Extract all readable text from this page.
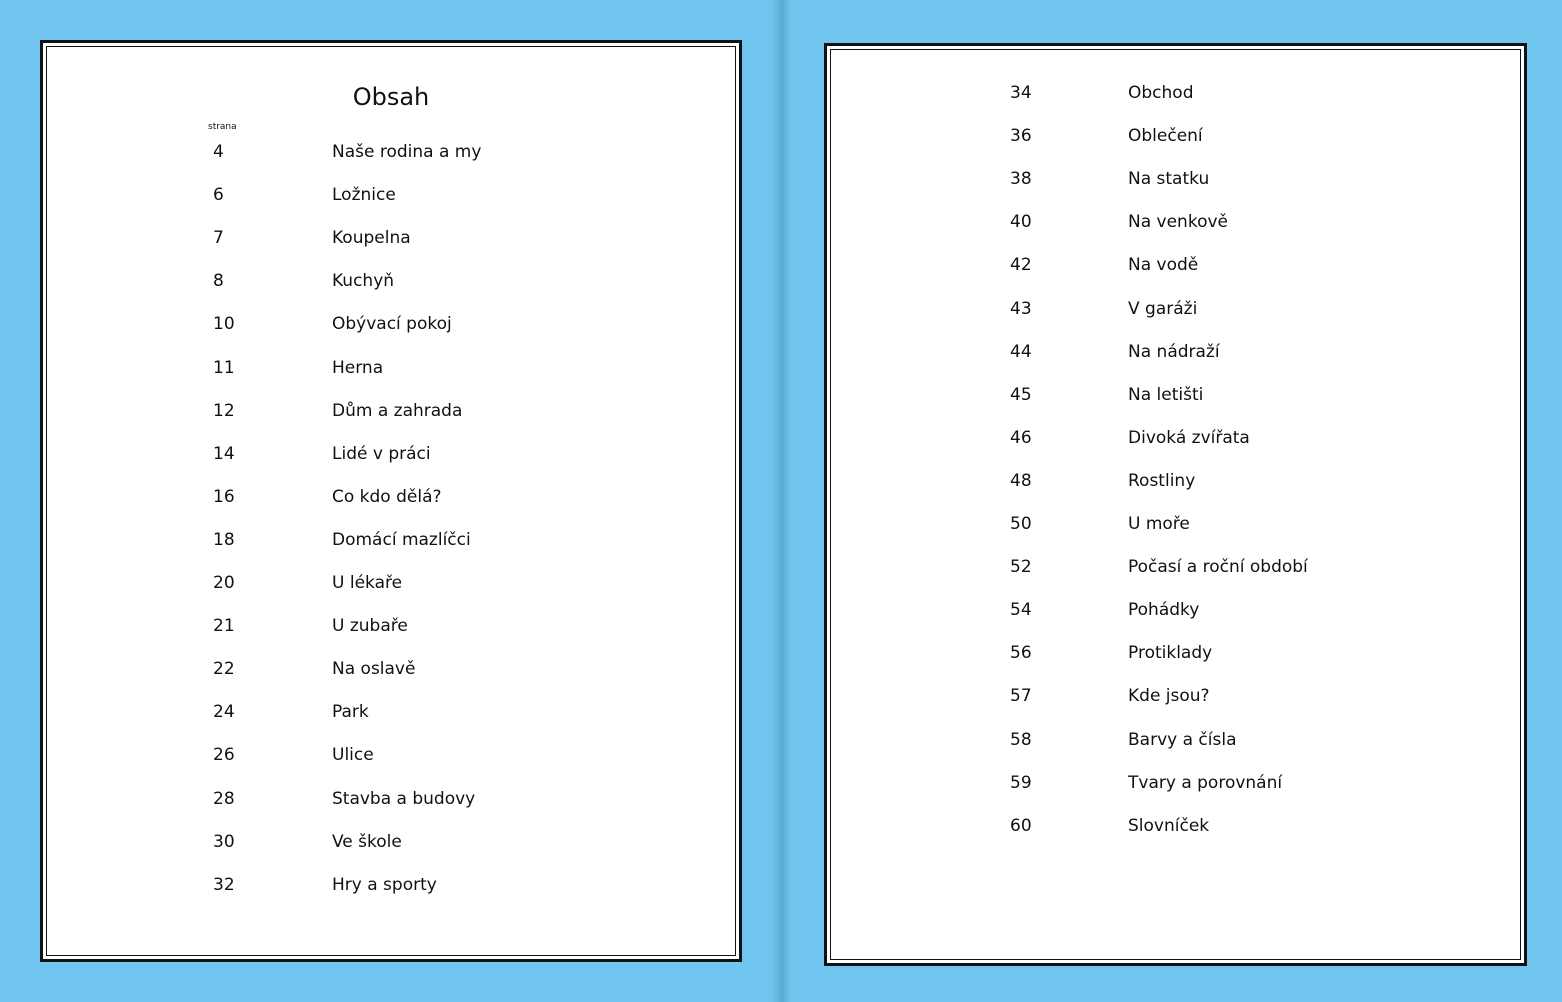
Obsah
strana
4	Naše rodina a my
6	Ložnice
7	Koupelna
8	Kuchyň
10	Obývací pokoj
11	Herna
12	Dům a zahrada
14	Lidé v práci
16	Co kdo dělá?
18	Domácí mazlíčci
20	U lékaře
21	U zubaře
22	Na oslavě
24	Park
26	Ulice
28	Stavba a budovy
30	Ve škole
32	Hry a sporty
34	Obchod
36	Oblečení
38	Na statku
40	Na venkově
42	Na vodě
43	V garáži
44	Na nádraží
45	Na letišti
46	Divoká zvířata
48	Rostliny
50	U moře
52	Počasí a roční období
54	Pohádky
56	Protiklady
57	Kde jsou?
58	Barvy a čísla
59	Tvary a porovnání
60	Slovníček
